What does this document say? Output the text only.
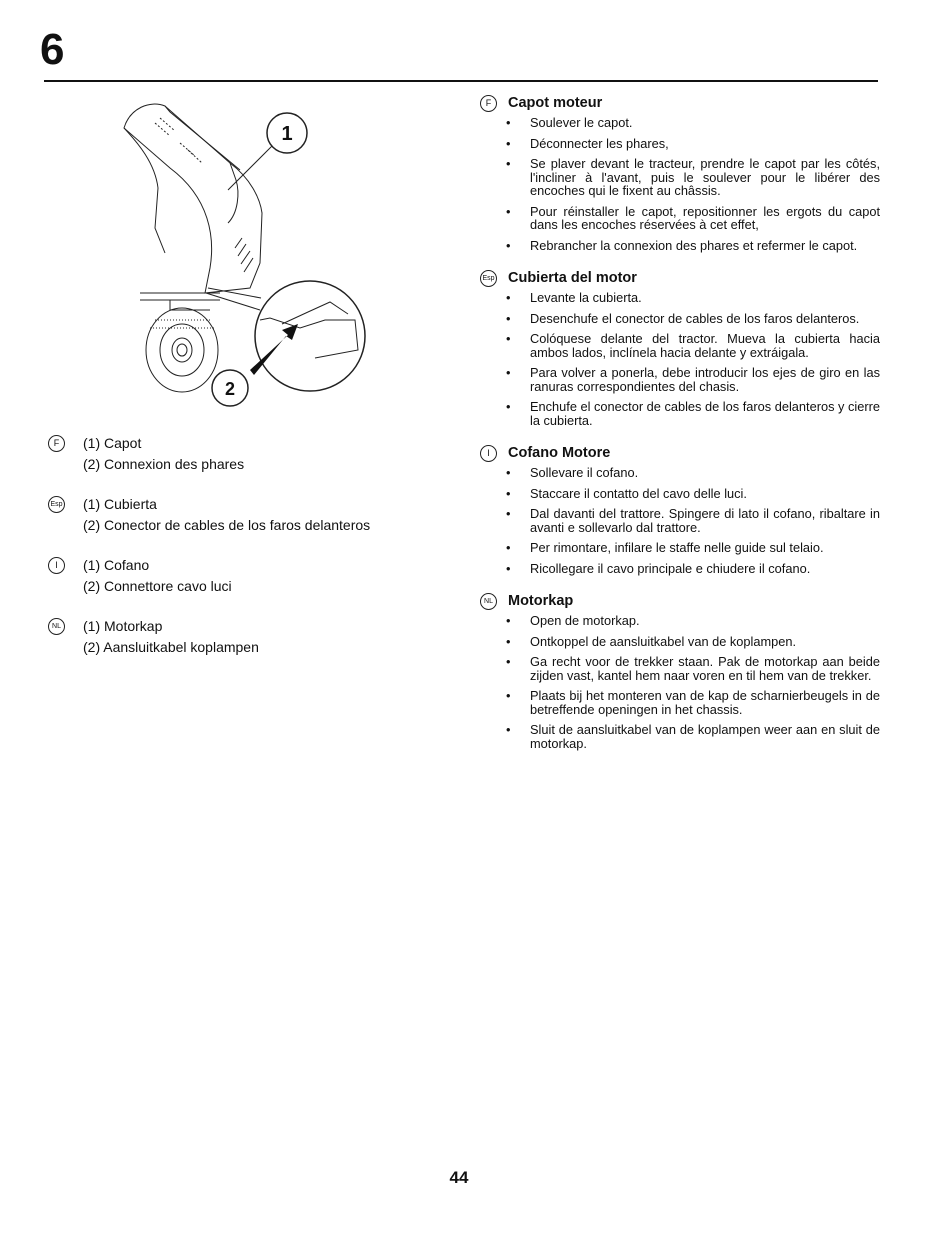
6
1
2
F	(1) Capot
(2) Connexion des phares
Esp	(1) Cubierta
(2) Conector de cables de los faros delanteros
I	(1) Cofano
(2) Connettore cavo luci
NL	(1) Motorkap
(2) Aansluitkabel koplampen
F	Capot moteur
• Soulever le capot.
• Déconnecter les phares,
• Se plaver devant le tracteur, prendre le capot par les côtés, l'incliner à l'avant, puis le soulever pour le libérer des encoches qui le fixent au châssis.
• Pour réinstaller le capot, repositionner les ergots du capot dans les encoches réservées à cet effet,
• Rebrancher la connexion des phares et refermer le capot.
Esp Cubierta del motor
• Levante la cubierta.
• Desenchufe el conector de cables de los faros delanteros.
• Colóquese delante del tractor. Mueva la cubierta hacia ambos lados, inclínela hacia delante y extráigala.
• Para volver a ponerla, debe introducir los ejes de giro en las ranuras correspondientes del chasis.
• Enchufe el conector de cables de los faros delanteros y cierre la cubierta.
I	Cofano Motore
• Sollevare il cofano.
• Staccare il contatto del cavo delle luci.
• Dal davanti del trattore. Spingere di lato il cofano, ribaltare in avanti e sollevarlo dal trattore.
• Per rimontare, infilare le staffe nelle guide sul telaio.
• Ricollegare il cavo principale e chiudere il cofano.
NL Motorkap
• Open de motorkap.
• Ontkoppel de aansluitkabel van de koplampen.
• Ga recht voor de trekker staan. Pak de motorkap aan beide zijden vast, kantel hem naar voren en til hem van de trekker.
• Plaats bij het monteren van de kap de scharnierbeugels in de betreffende openingen in het chassis.
• Sluit de aansluitkabel van de koplampen weer aan en sluit de motorkap.
44
